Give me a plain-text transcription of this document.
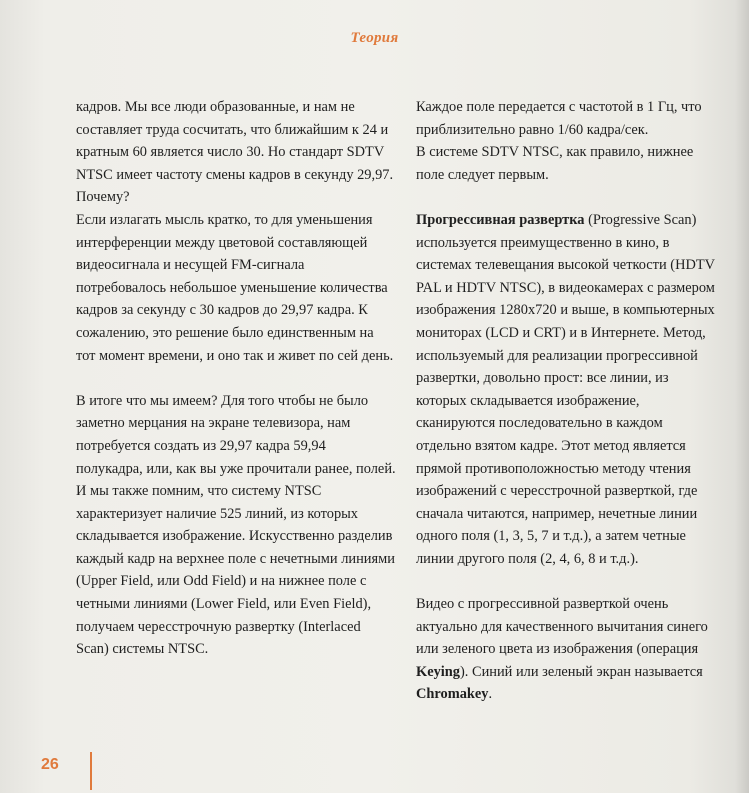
Теория

кадров. Мы все люди образованные, и нам не составляет труда сосчитать, что ближайшим к 24 и кратным 60 является число 30. Но стандарт SDTV NTSC имеет частоту смены кадров в секунду 29,97. Почему?

Если излагать мысль кратко, то для уменьшения интерференции между цветовой составляющей видеосигнала и несущей FM-сигнала потребовалось небольшое уменьшение количества кадров за секунду с 30 кадров до 29,97 кадра. К сожалению, это решение было единственным на тот момент времени, и оно так и живет по сей день.

В итоге что мы имеем? Для того чтобы не было заметно мерцания на экране телевизора, нам потребуется создать из 29,97 кадра 59,94 полукадра, или, как вы уже прочитали ранее, полей. И мы также помним, что систему NTSC характеризует наличие 525 линий, из которых складывается изображение. Искусственно разделив каждый кадр на верхнее поле с нечетными линиями (Upper Field, или Odd Field) и на нижнее поле с четными линиями (Lower Field, или Even Field), получаем чересстрочную развертку (Interlaced Scan) системы NTSC.

Каждое поле передается с частотой в 1 Гц, что приблизительно равно 1/60 кадра/сек.

В системе SDTV NTSC, как правило, нижнее поле следует первым.

Прогрессивная развертка (Progressive Scan) используется преимущественно в кино, в системах телевещания высокой четкости (HDTV PAL и HDTV NTSC), в видеокамерах с размером изображения 1280x720 и выше, в компьютерных мониторах (LCD и CRT) и в Интернете. Метод, используемый для реализации прогрессивной развертки, довольно прост: все линии, из которых складывается изображение, сканируются последовательно в каждом отдельно взятом кадре. Этот метод является прямой противоположностью методу чтения изображений с чересстрочной разверткой, где сначала читаются, например, нечетные линии одного поля (1, 3, 5, 7 и т.д.), а затем четные линии другого поля (2, 4, 6, 8 и т.д.).

Видео с прогрессивной разверткой очень актуально для качественного вычитания синего или зеленого цвета из изображения (операция Keying). Синий или зеленый экран называется Chromakey.

26
